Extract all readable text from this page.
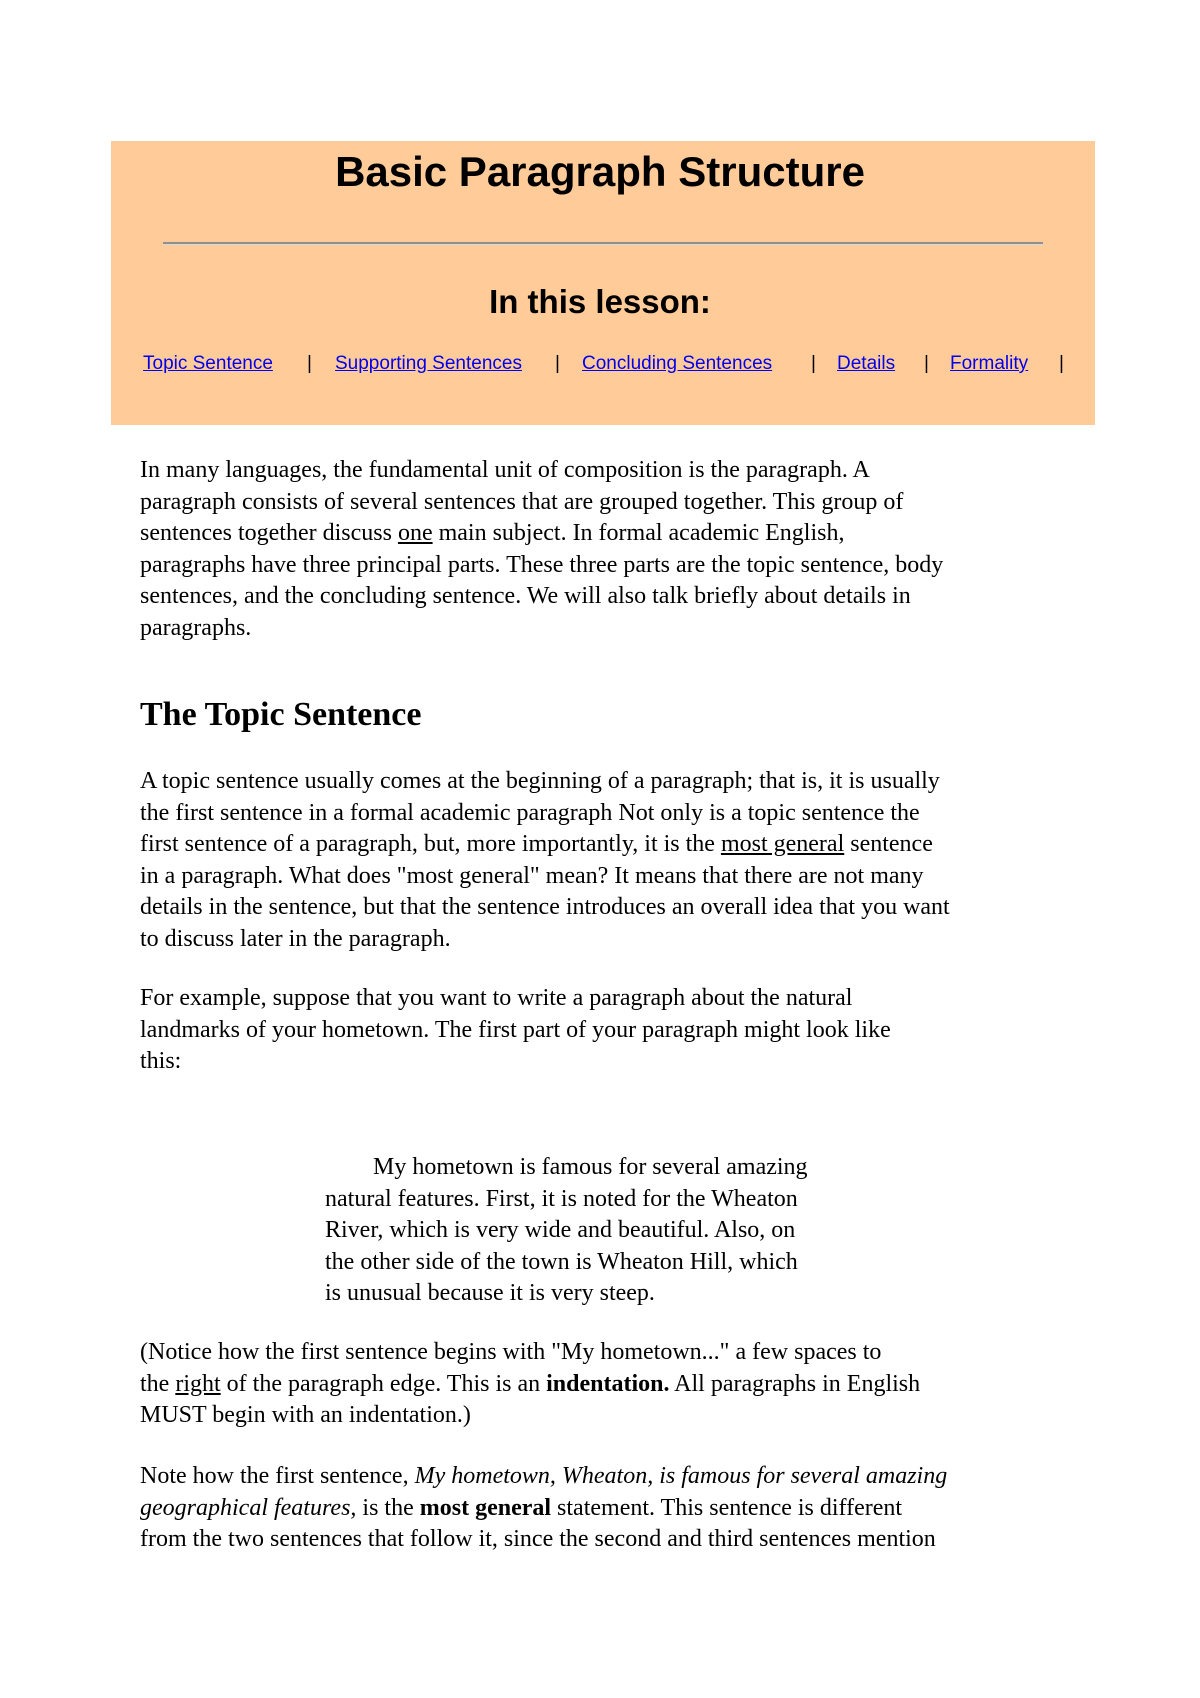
Basic Paragraph Structure
In this lesson:
Topic Sentence | Supporting Sentences | Concluding Sentences | Details | Formality |

In many languages, the fundamental unit of composition is the paragraph. A
paragraph consists of several sentences that are grouped together. This group of
sentences together discuss one main subject. In formal academic English,
paragraphs have three principal parts. These three parts are the topic sentence, body
sentences, and the concluding sentence. We will also talk briefly about details in
paragraphs.

The Topic Sentence

A topic sentence usually comes at the beginning of a paragraph; that is, it is usually
the first sentence in a formal academic paragraph Not only is a topic sentence the
first sentence of a paragraph, but, more importantly, it is the most general sentence
in a paragraph. What does "most general" mean? It means that there are not many
details in the sentence, but that the sentence introduces an overall idea that you want
to discuss later in the paragraph.

For example, suppose that you want to write a paragraph about the natural
landmarks of your hometown. The first part of your paragraph might look like
this:

My hometown is famous for several amazing
natural features. First, it is noted for the Wheaton
River, which is very wide and beautiful. Also, on
the other side of the town is Wheaton Hill, which
is unusual because it is very steep.

(Notice how the first sentence begins with "My hometown..." a few spaces to
the right of the paragraph edge. This is an indentation. All paragraphs in English
MUST begin with an indentation.)

Note how the first sentence, My hometown, Wheaton, is famous for several amazing
geographical features, is the most general statement. This sentence is different
from the two sentences that follow it, since the second and third sentences mention
